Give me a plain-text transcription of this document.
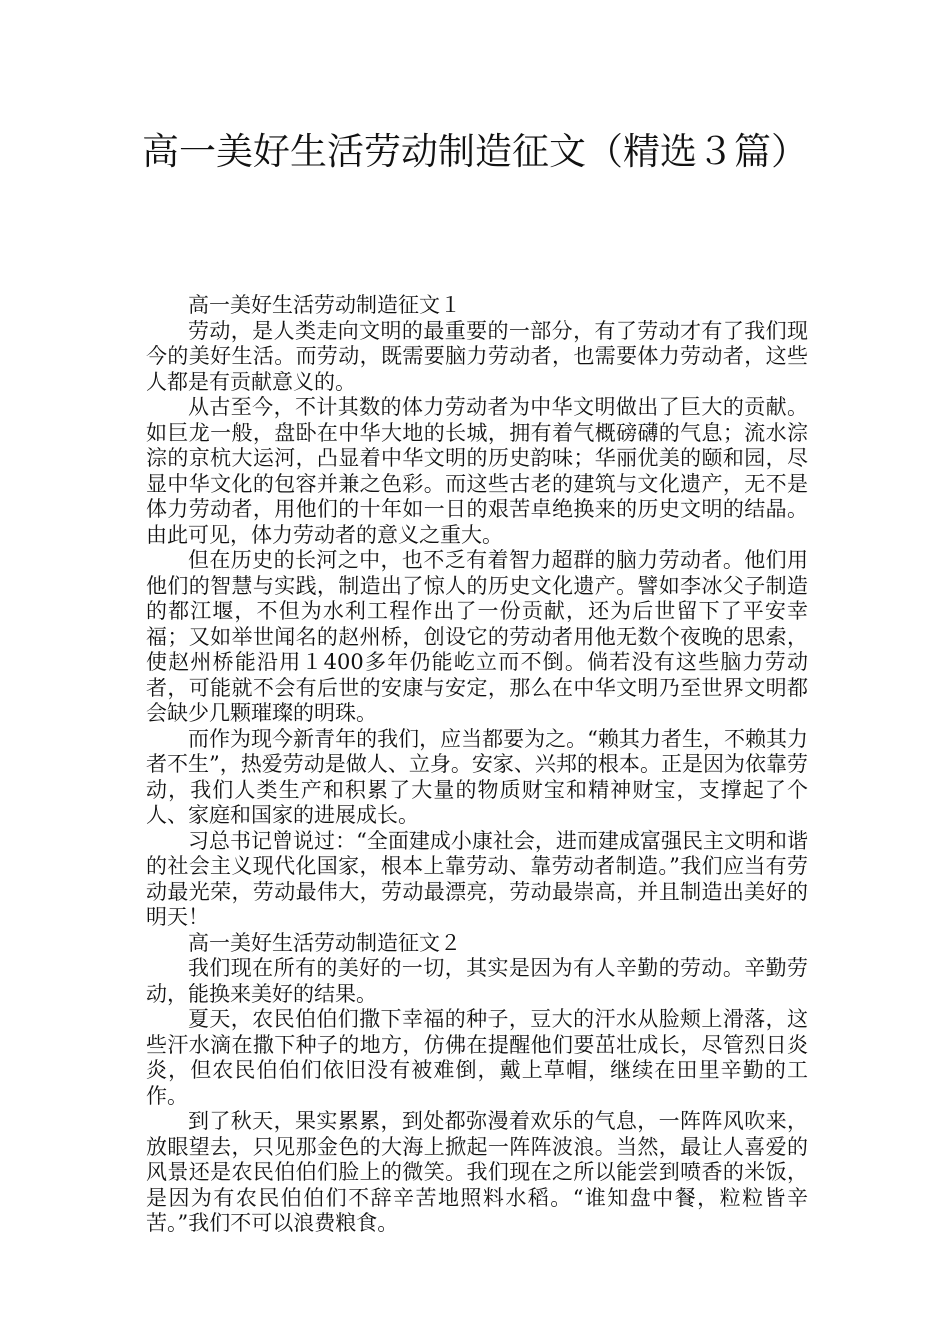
高一美好生活劳动制造征文（精选３篇）

高一美好生活劳动制造征文１

劳动，是人类走向文明的最重要的一部分，有了劳动才有了我们现今的美好生活。而劳动，既需要脑力劳动者，也需要体力劳动者，这些人都是有贡献意义的。

从古至今，不计其数的体力劳动者为中华文明做出了巨大的贡献。如巨龙一般，盘卧在中华大地的长城，拥有着气概磅礴的气息；流水淙淙的京杭大运河，凸显着中华文明的历史韵味；华丽优美的颐和园，尽显中华文化的包容并兼之色彩。而这些古老的建筑与文化遗产，无不是体力劳动者，用他们的十年如一日的艰苦卓绝换来的历史文明的结晶。由此可见，体力劳动者的意义之重大。

但在历史的长河之中，也不乏有着智力超群的脑力劳动者。他们用他们的智慧与实践，制造出了惊人的历史文化遗产。譬如李冰父子制造的都江堰，不但为水利工程作出了一份贡献，还为后世留下了平安幸福；又如举世闻名的赵州桥，创设它的劳动者用他无数个夜晚的思索，使赵州桥能沿用１400多年仍能屹立而不倒。倘若没有这些脑力劳动者，可能就不会有后世的安康与安定，那么在中华文明乃至世界文明都会缺少几颗璀璨的明珠。

而作为现今新青年的我们，应当都要为之。“赖其力者生，不赖其力者不生”，热爱劳动是做人、立身。安家、兴邦的根本。正是因为依靠劳动，我们人类生产和积累了大量的物质财宝和精神财宝，支撑起了个人、家庭和国家的进展成长。

习总书记曾说过：“全面建成小康社会，进而建成富强民主文明和谐的社会主义现代化国家，根本上靠劳动、靠劳动者制造。”我们应当有劳动最光荣，劳动最伟大，劳动最漂亮，劳动最崇高，并且制造出美好的明天！

高一美好生活劳动制造征文２

我们现在所有的美好的一切，其实是因为有人辛勤的劳动。辛勤劳动，能换来美好的结果。

夏天，农民伯伯们撒下幸福的种子，豆大的汗水从脸颊上滑落，这些汗水滴在撒下种子的地方，仿佛在提醒他们要茁壮成长，尽管烈日炎炎，但农民伯伯们依旧没有被难倒，戴上草帽，继续在田里辛勤的工作。

到了秋天，果实累累，到处都弥漫着欢乐的气息，一阵阵风吹来，放眼望去，只见那金色的大海上掀起一阵阵波浪。当然，最让人喜爱的风景还是农民伯伯们脸上的微笑。我们现在之所以能尝到喷香的米饭，是因为有农民伯伯们不辞辛苦地照料水稻。“谁知盘中餐，粒粒皆辛苦。”我们不可以浪费粮食。
